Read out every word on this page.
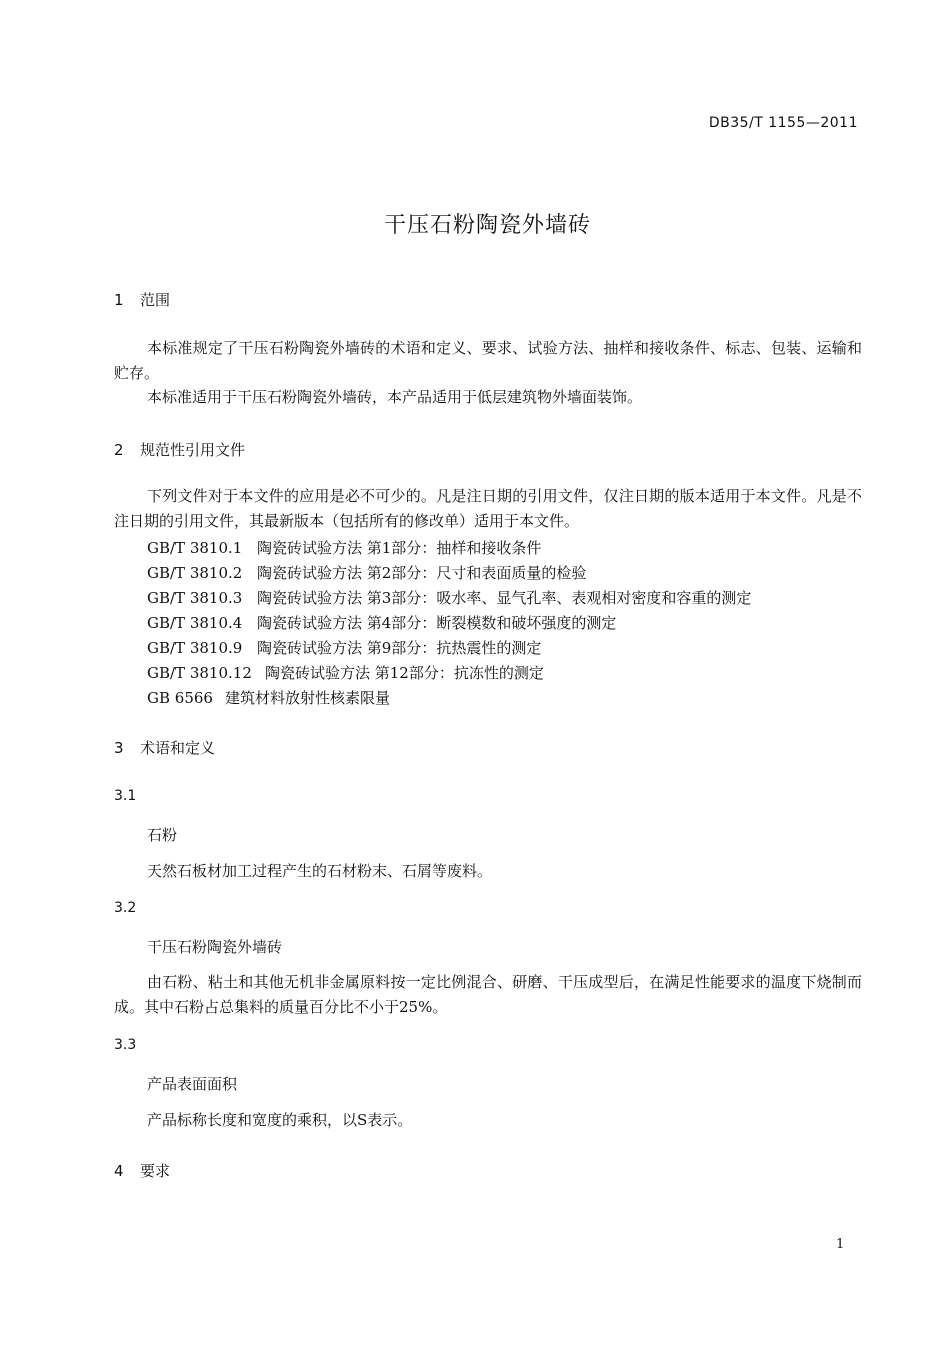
DB35/T 1155—2011
干压石粉陶瓷外墙砖
1 范围
本标准规定了干压石粉陶瓷外墙砖的术语和定义、要求、试验方法、抽样和接收条件、标志、包装、运输和贮存。
本标准适用于干压石粉陶瓷外墙砖，本产品适用于低层建筑物外墙面装饰。
2 规范性引用文件
下列文件对于本文件的应用是必不可少的。凡是注日期的引用文件，仅注日期的版本适用于本文件。凡是不注日期的引用文件，其最新版本（包括所有的修改单）适用于本文件。
GB/T 3810.1 陶瓷砖试验方法 第1部分：抽样和接收条件
GB/T 3810.2 陶瓷砖试验方法 第2部分：尺寸和表面质量的检验
GB/T 3810.3 陶瓷砖试验方法 第3部分：吸水率、显气孔率、表观相对密度和容重的测定
GB/T 3810.4 陶瓷砖试验方法 第4部分：断裂模数和破坏强度的测定
GB/T 3810.9 陶瓷砖试验方法 第9部分：抗热震性的测定
GB/T 3810.12 陶瓷砖试验方法 第12部分：抗冻性的测定
GB 6566 建筑材料放射性核素限量
3 术语和定义
3.1
石粉
天然石板材加工过程产生的石材粉末、石屑等废料。
3.2
干压石粉陶瓷外墙砖
由石粉、粘土和其他无机非金属原料按一定比例混合、研磨、干压成型后，在满足性能要求的温度下烧制而成。其中石粉占总集料的质量百分比不小于25%。
3.3
产品表面面积
产品标称长度和宽度的乘积，以S表示。
4 要求
1
